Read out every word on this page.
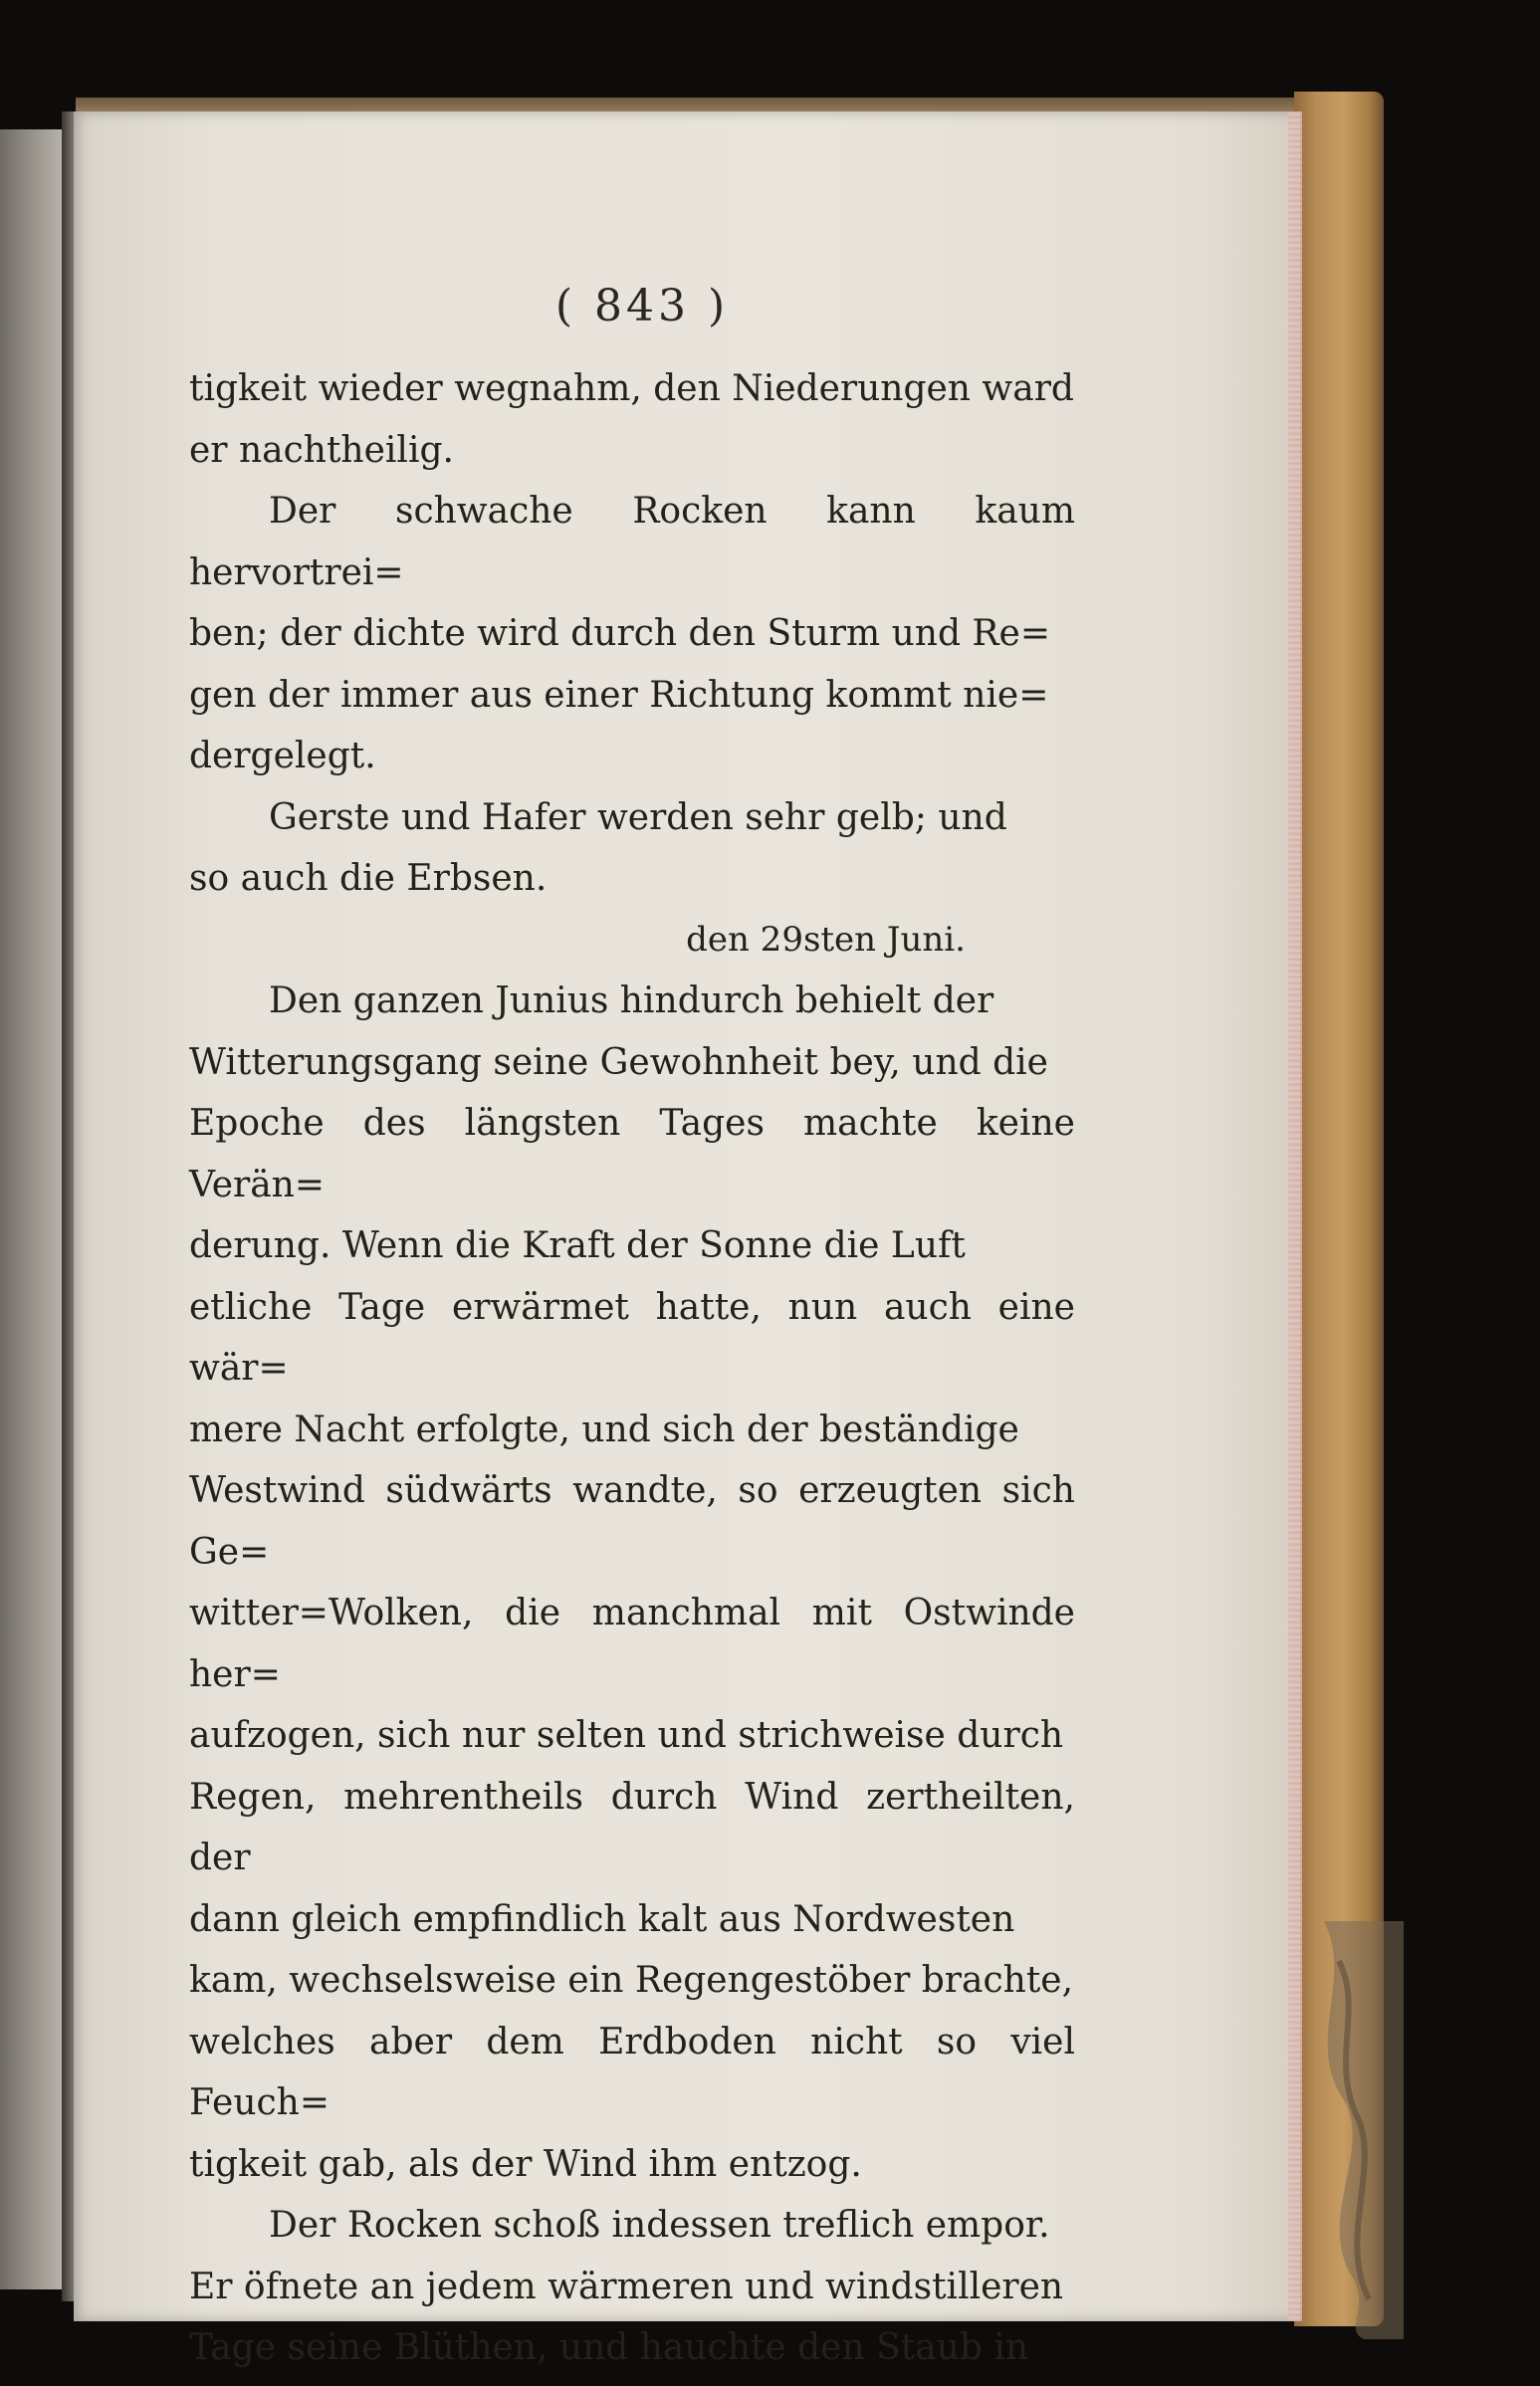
( 843 )

tigkeit wieder wegnahm, den Niederungen ward
er nachtheilig.

Der schwache Rocken kann kaum hervortrei=
ben; der dichte wird durch den Sturm und Re=
gen der immer aus einer Richtung kommt nie=
dergelegt.

Gerste und Hafer werden sehr gelb; und
so auch die Erbsen.

den 29sten Juni.

Den ganzen Junius hindurch behielt der
Witterungsgang seine Gewohnheit bey, und die
Epoche des längsten Tages machte keine Verän=
derung. Wenn die Kraft der Sonne die Luft
etliche Tage erwärmet hatte, nun auch eine wär=
mere Nacht erfolgte, und sich der beständige
Westwind südwärts wandte, so erzeugten sich Ge=
witter=Wolken, die manchmal mit Ostwinde her=
aufzogen, sich nur selten und strichweise durch
Regen, mehrentheils durch Wind zertheilten, der
dann gleich empfindlich kalt aus Nordwesten
kam, wechselsweise ein Regengestöber brachte,
welches aber dem Erdboden nicht so viel Feuch=
tigkeit gab, als der Wind ihm entzog.

Der Rocken schoß indessen treflich empor.
Er öfnete an jedem wärmeren und windstilleren
Tage seine Blüthen, und hauchte den Staub in
